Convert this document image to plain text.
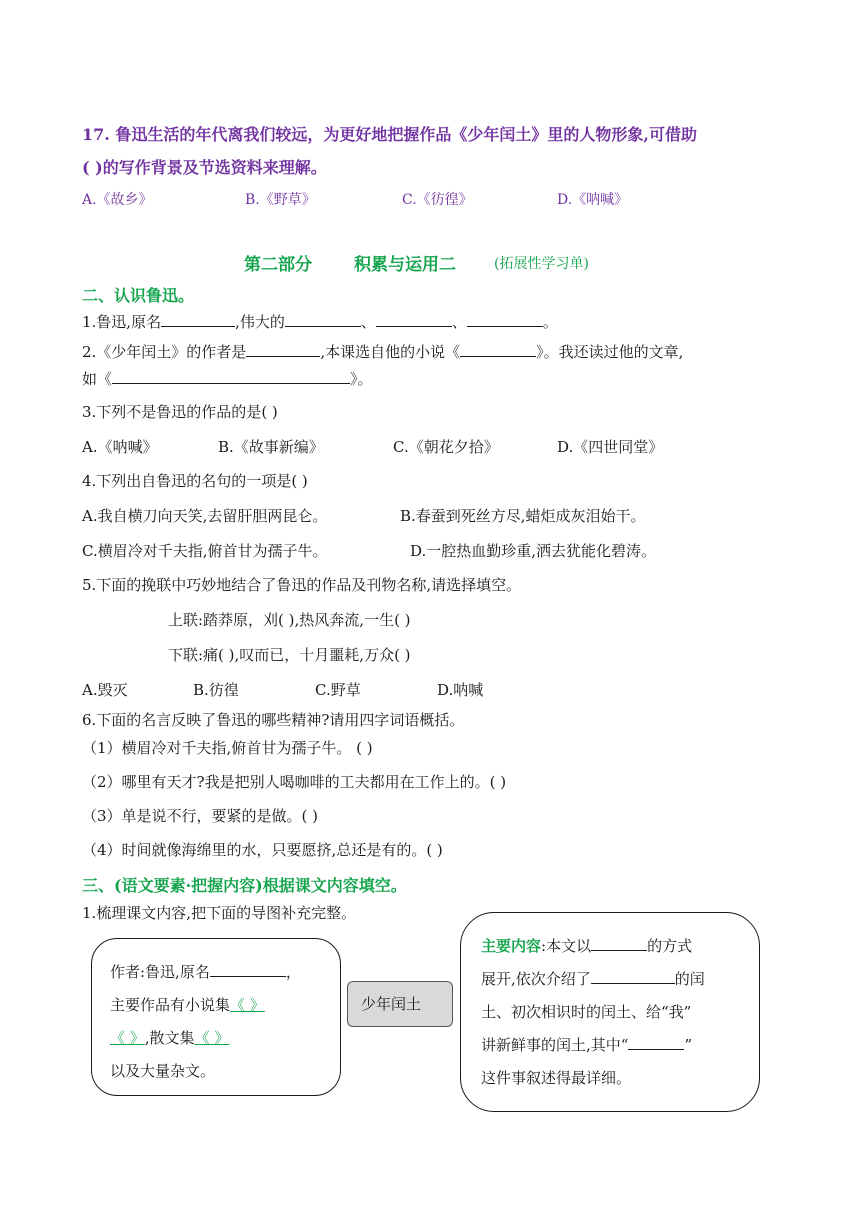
17. 鲁迅生活的年代离我们较远，为更好地把握作品《少年闰土》里的人物形象,可借助
( )的写作背景及节选资料来理解。
A.《故乡》	B.《野草》	C.《彷徨》	D.《呐喊》
第二部分 积累与运用二	(拓展性学习单)
二、认识鲁迅。
1.鲁迅,原名	,伟大的	、	、	。
2.《少年闰土》的作者是	,本课选自他的小说《	》。我还读过他的文章,
如《	》。
3.下列不是鲁迅的作品的是( )
A.《呐喊》	B.《故事新编》	C.《朝花夕拾》	D.《四世同堂》
4.下列出自鲁迅的名句的一项是( )
A.我自横刀向天笑,去留肝胆两昆仑。	B.春蚕到死丝方尽,蜡炬成灰泪始干。
C.横眉冷对千夫指,俯首甘为孺子牛。	D.一腔热血勤珍重,洒去犹能化碧涛。
5.下面的挽联中巧妙地结合了鲁迅的作品及刊物名称,请选择填空。
上联:踏莽原，刈( ),热风奔流,一生( )
下联:痛( ),叹而已，十月噩耗,万众( )
A.毁灭	B.彷徨	C.野草	D.呐喊
6.下面的名言反映了鲁迅的哪些精神?请用四字词语概括。
（1）横眉冷对千夫指,俯首甘为孺子牛。 ( )
（2）哪里有天才?我是把别人喝咖啡的工夫都用在工作上的。( )
（3）单是说不行，要紧的是做。( )
（4）时间就像海绵里的水，只要愿挤,总还是有的。( )
三、(语文要素·把握内容)根据课文内容填空。
1.梳理课文内容,把下面的导图补充完整。
作者:鲁迅,原名	，
主要作品有小说集《 》
《 》,散文集《 》
以及大量杂文。
少年闰土
主要内容:本文以	的方式
展开,依次介绍了	的闰
土、初次相识时的闰土、给“我”
讲新鲜事的闰土,其中“	”
这件事叙述得最详细。
